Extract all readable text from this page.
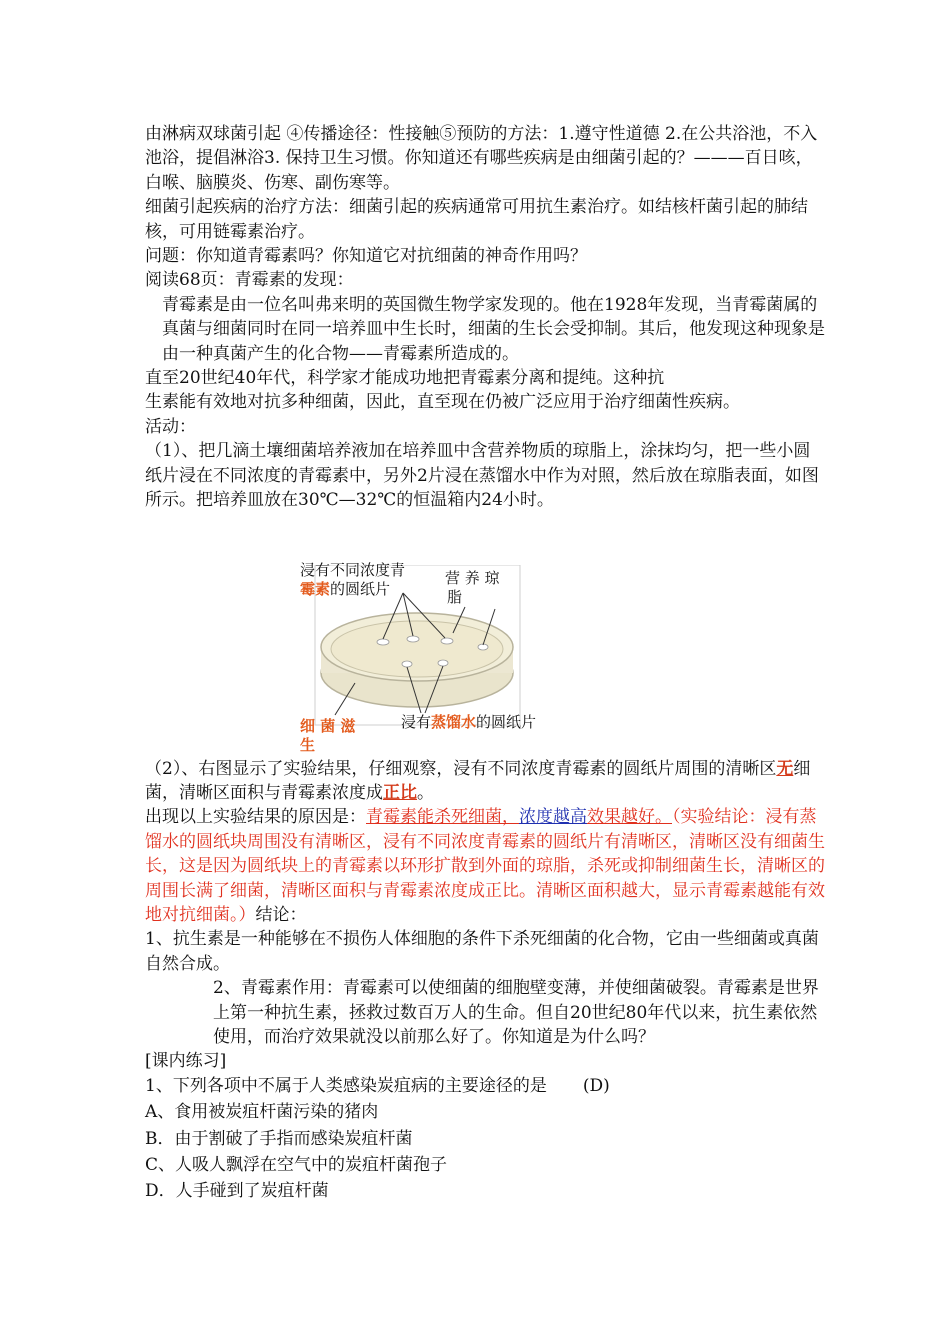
由淋病双球菌引起 ④传播途径：性接触⑤预防的方法：1.遵守性道德 2.在公共浴池，不入池浴，提倡淋浴3. 保持卫生习惯。你知道还有哪些疾病是由细菌引起的？———百日咳，白喉、脑膜炎、伤寒、副伤寒等。

细菌引起疾病的治疗方法：细菌引起的疾病通常可用抗生素治疗。如结核杆菌引起的肺结核，可用链霉素治疗。

问题：你知道青霉素吗？你知道它对抗细菌的神奇作用吗？

阅读68页：青霉素的发现：

青霉素是由一位名叫弗来明的英国微生物学家发现的。他在1928年发现，当青霉菌属的真菌与细菌同时在同一培养皿中生长时，细菌的生长会受抑制。其后，他发现这种现象是由一种真菌产生的化合物——青霉素所造成的。

直至20世纪40年代，科学家才能成功地把青霉素分离和提纯。这种抗

生素能有效地对抗多种细菌，因此，直至现在仍被广泛应用于治疗细菌性疾病。

活动：

（1）、把几滴土壤细菌培养液加在培养皿中含营养物质的琼脂上，涂抹均匀，把一些小圆纸片浸在不同浓度的青霉素中，另外2片浸在蒸馏水中作为对照，然后放在琼脂表面，如图所示。把培养皿放在30℃—32℃的恒温箱内24小时。

浸有不同浓度青
霉素的圆纸片
营 养 琼
脂
浸有蒸馏水的圆纸片
细 菌 滋
生

（2）、右图显示了实验结果，仔细观察，浸有不同浓度青霉素的圆纸片周围的清晰区无细菌，清晰区面积与青霉素浓度成正比。

出现以上实验结果的原因是：青霉素能杀死细菌，浓度越高效果越好。（实验结论：浸有蒸馏水的圆纸块周围没有清晰区，浸有不同浓度青霉素的圆纸片有清晰区，清晰区没有细菌生长，这是因为圆纸块上的青霉素以环形扩散到外面的琼脂，杀死或抑制细菌生长，清晰区的周围长满了细菌，清晰区面积与青霉素浓度成正比。清晰区面积越大，显示青霉素越能有效地对抗细菌。）结论：

1、抗生素是一种能够在不损伤人体细胞的条件下杀死细菌的化合物，它由一些细菌或真菌自然合成。

2、青霉素作用：青霉素可以使细菌的细胞壁变薄，并使细菌破裂。青霉素是世界上第一种抗生素，拯救过数百万人的生命。但自20世纪80年代以来，抗生素依然使用，而治疗效果就没以前那么好了。你知道是为什么吗？

[课内练习]

1、下列各项中不属于人类感染炭疽病的主要途径的是 (D)

A、食用被炭疽杆菌污染的猪肉

B．由于割破了手指而感染炭疽杆菌

C、人吸人飘浮在空气中的炭疽杆菌孢子

D．人手碰到了炭疽杆菌
